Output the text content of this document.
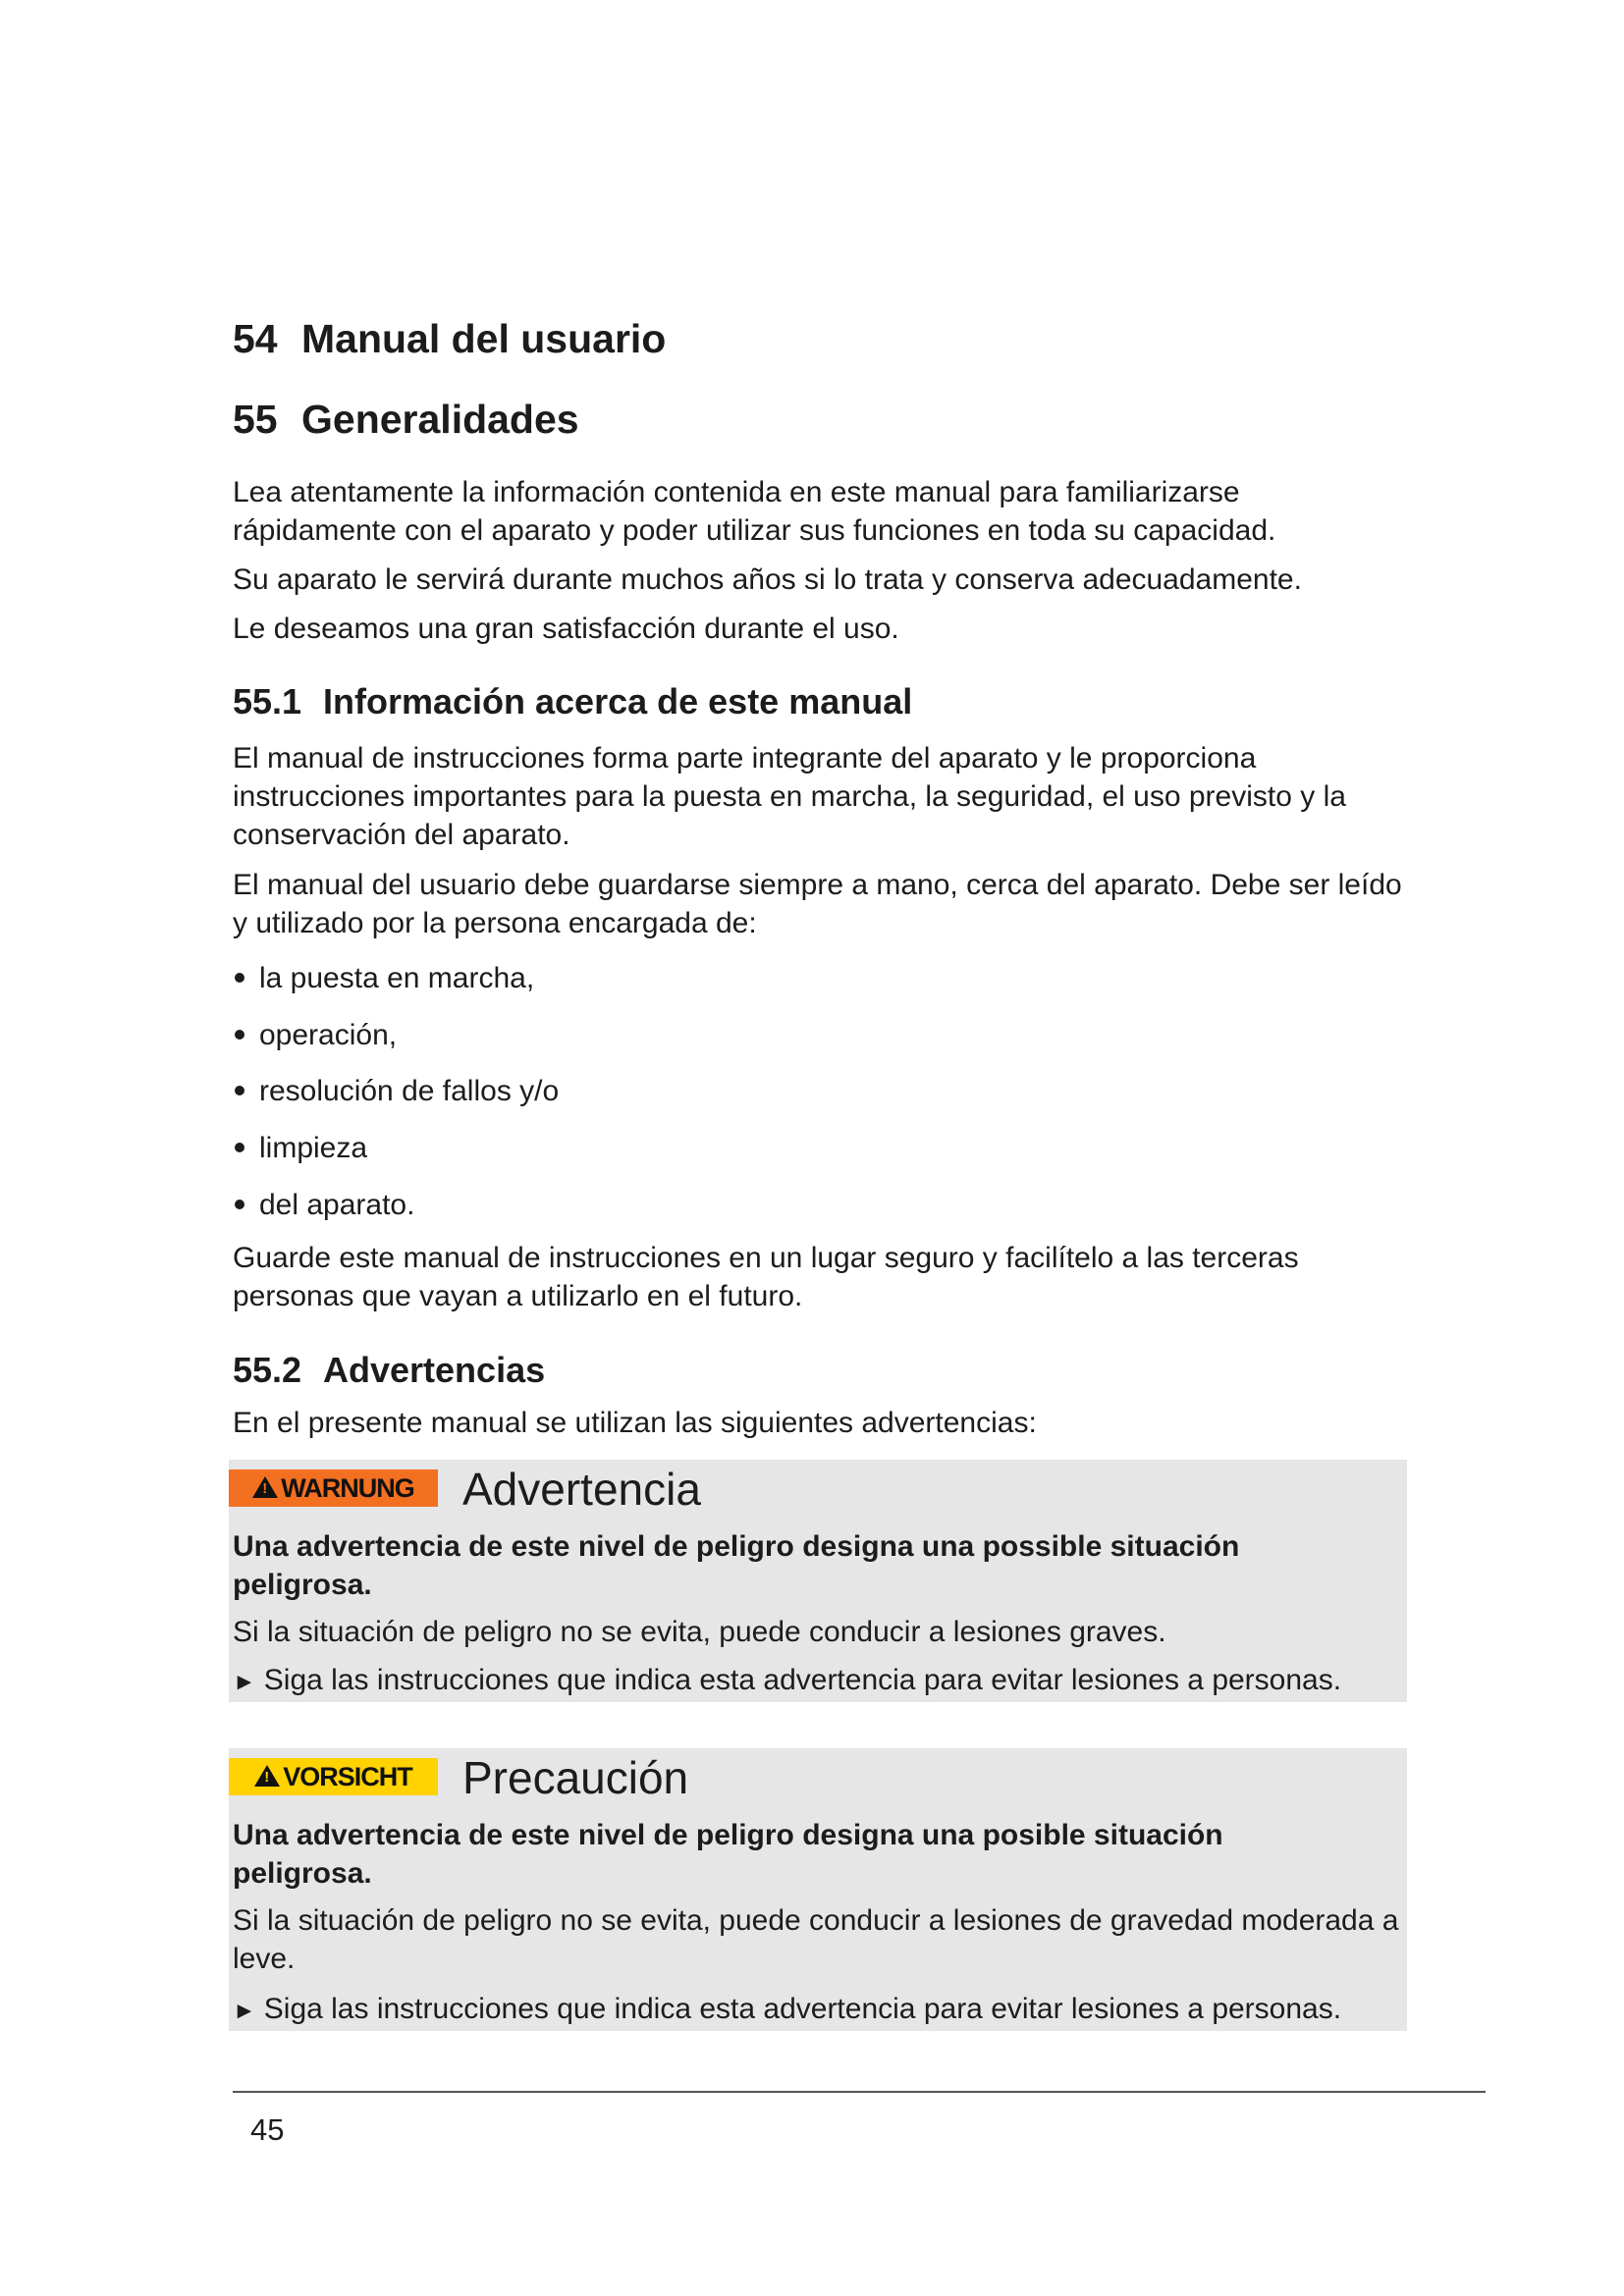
54 Manual del usuario
55 Generalidades

Lea atentamente la información contenida en este manual para familiarizarse rápidamente con el aparato y poder utilizar sus funciones en toda su capacidad.

Su aparato le servirá durante muchos años si lo trata y conserva adecuadamente.

Le deseamos una gran satisfacción durante el uso.

55.1 Información acerca de este manual

El manual de instrucciones forma parte integrante del aparato y le proporciona instrucciones importantes para la puesta en marcha, la seguridad, el uso previsto y la conservación del aparato.

El manual del usuario debe guardarse siempre a mano, cerca del aparato. Debe ser leído y utilizado por la persona encargada de:

la puesta en marcha,
operación,
resolución de fallos y/o
limpieza
del aparato.

Guarde este manual de instrucciones en un lugar seguro y facilítelo a las terceras personas que vayan a utilizarlo en el futuro.

55.2 Advertencias

En el presente manual se utilizan las siguientes advertencias:

!
WARNUNG Advertencia
Una advertencia de este nivel de peligro designa una possible situación peligrosa.
Si la situación de peligro no se evita, puede conducir a lesiones graves.
► Siga las instrucciones que indica esta advertencia para evitar lesiones a personas.
!
VORSICHT Precaución
Una advertencia de este nivel de peligro designa una posible situación peligrosa.
Si la situación de peligro no se evita, puede conducir a lesiones de gravedad moderada a leve.
► Siga las instrucciones que indica esta advertencia para evitar lesiones a personas.
45
